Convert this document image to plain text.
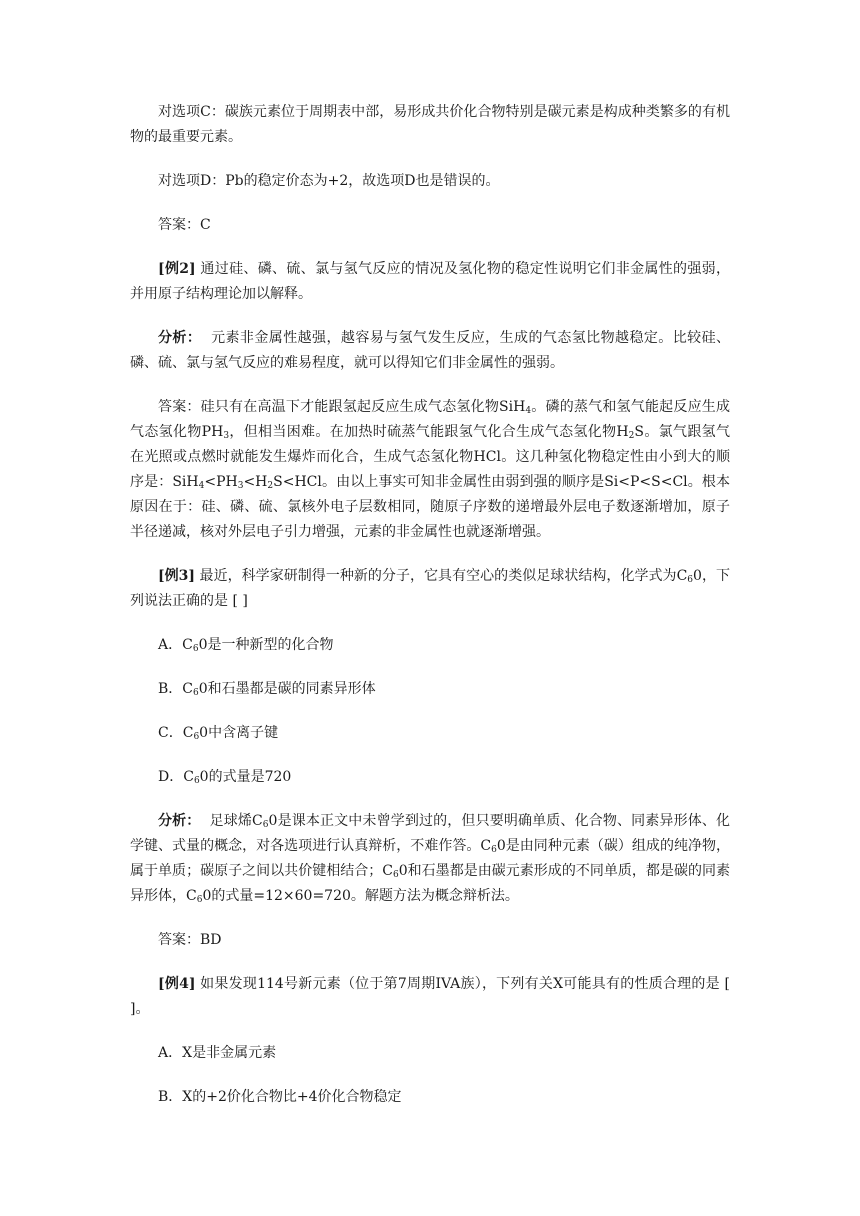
对选项C：碳族元素位于周期表中部，易形成共价化合物特别是碳元素是构成种类繁多的有机物的最重要元素。

对选项D：Pb的稳定价态为+2，故选项D也是错误的。

答案：C

[例2] 通过硅、磷、硫、氯与氢气反应的情况及氢化物的稳定性说明它们非金属性的强弱，并用原子结构理论加以解释。

分析： 元素非金属性越强，越容易与氢气发生反应，生成的气态氢比物越稳定。比较硅、磷、硫、氯与氢气反应的难易程度，就可以得知它们非金属性的强弱。

答案：硅只有在高温下才能跟氢起反应生成气态氢化物SiH$_4$。磷的蒸气和氢气能起反应生成气态氢化物$PH_3$，但相当困难。在加热时硫蒸气能跟氢气化合生成气态氢化物$H_2S$。氯气跟氢气在光照或点燃时就能发生爆炸而化合，生成气态氢化物HCl。这几种氢化物稳定性由小到大的顺序是：$SiH_4<PH_3<H_2S<HCl$。由以上事实可知非金属性由弱到强的顺序是Si<P<S<Cl。根本原因在于：硅、磷、硫、氯核外电子层数相同，随原子序数的递增最外层电子数逐渐增加，原子半径递减，核对外层电子引力增强，元素的非金属性也就逐渐增强。

[例3] 最近，科学家研制得一种新的分子，它具有空心的类似足球状结构，化学式为$C_60$，下列说法正确的是 [ ]

A．$C_60$是一种新型的化合物

B．$C_60$和石墨都是碳的同素异形体

C．$C_60$中含离子键

D．$C_60$的式量是720

分析： 足球烯$C_60$是课本正文中未曾学到过的，但只要明确单质、化合物、同素异形体、化学键、式量的概念，对各选项进行认真辩析，不难作答。$C_60$是由同种元素（碳）组成的纯净物，属于单质；碳原子之间以共价键相结合；$C_60$和石墨都是由碳元素形成的不同单质，都是碳的同素异形体，$C_60$的式量=12×60=720。解题方法为概念辩析法。

答案：BD

[例4] 如果发现114号新元素（位于第7周期IVA族），下列有关X可能具有的性质合理的是 [ ]。

A．X是非金属元素

B．X的+2价化合物比+4价化合物稳定
